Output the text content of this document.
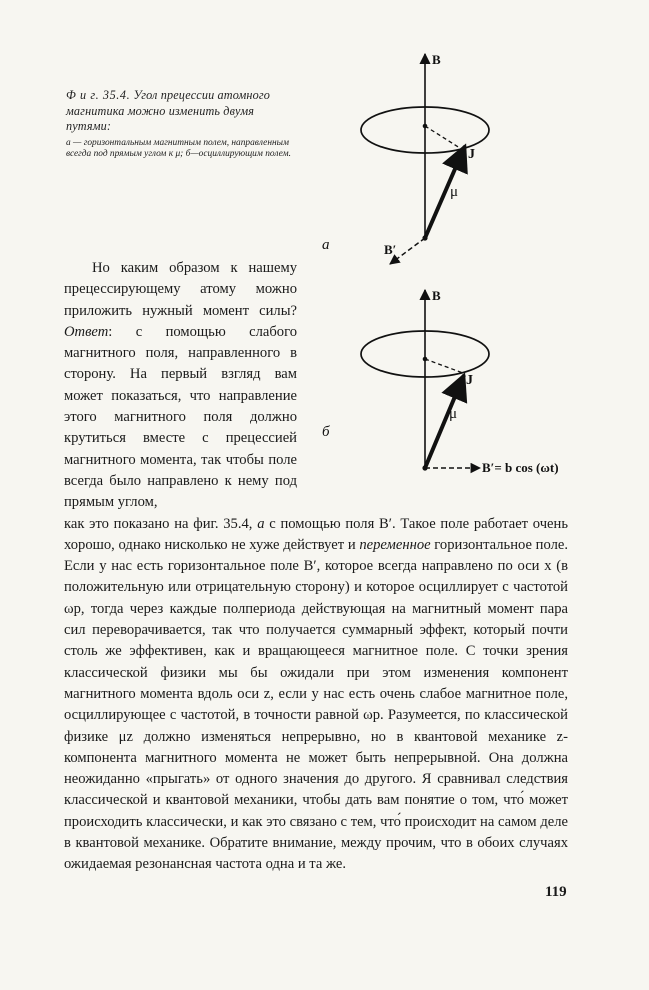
Ф и г. 35.4. Угол прецессии атомного магнитика можно изменить двумя путями:

а — горизонтальным магнитным полем, направленным всегда под прямым углом к μ; б—осциллирующим полем.

B
J
μ
B′
а
B
J
μ
B′= b cos (ωt)
б

Но каким образом к нашему прецессирующему атому можно приложить нужный момент силы? Ответ: с помощью слабого магнитного поля, направленного в сторону. На первый взгляд вам может показаться, что направление этого магнитного поля должно крутиться вместе с прецессией магнитного момента, так чтобы поле всегда было направлено к нему под прямым углом,

как это показано на фиг. 35.4, а с помощью поля B′. Такое поле работает очень хорошо, однако нисколько не хуже действует и переменное горизонтальное поле. Если у нас есть горизонтальное поле B′, которое всегда направлено по оси x (в положительную или отрицательную сторону) и которое осциллирует с частотой ωp, тогда через каждые полпериода действующая на магнитный момент пара сил переворачивается, так что получается суммарный эффект, который почти столь же эффективен, как и вращающееся магнитное поле. С точки зрения классической физики мы бы ожидали при этом изменения компонент магнитного момента вдоль оси z, если у нас есть очень слабое магнитное поле, осциллирующее с частотой, в точности равной ωp. Разумеется, по классической физике μz должно изменяться непрерывно, но в квантовой механике z-компонента магнитного момента не может быть непрерывной. Она должна неожиданно «прыгать» от одного значения до другого. Я сравнивал следствия классической и квантовой механики, чтобы дать вам понятие о том, что́ может происходить классически, и как это связано с тем, что́ происходит на самом деле в квантовой механике. Обратите внимание, между прочим, что в обоих случаях ожидаемая резонансная частота одна и та же.

119
